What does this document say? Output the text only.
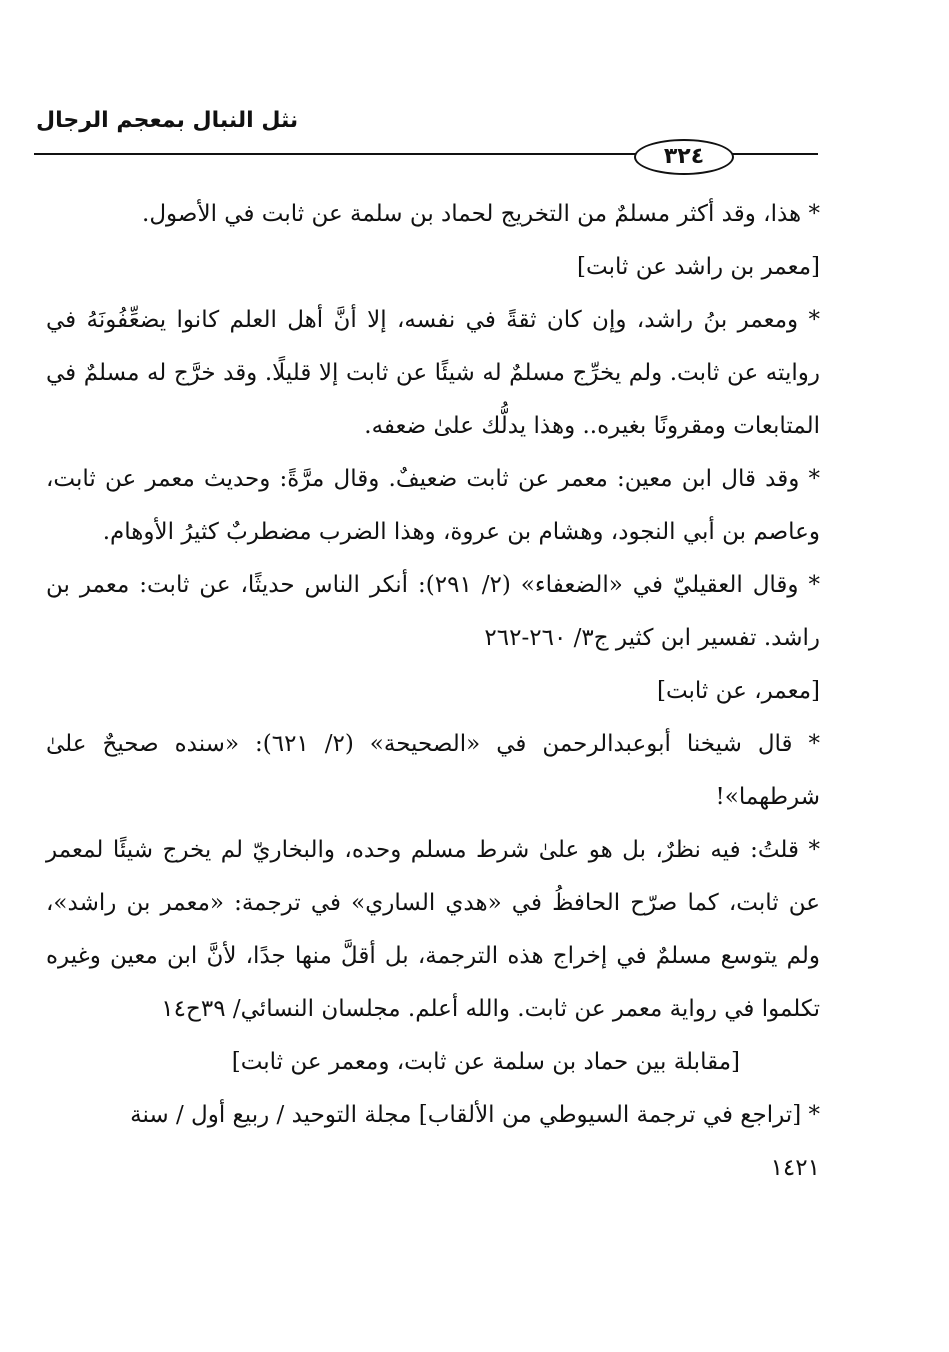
نثل النبال بمعجم الرجال
٣٢٤

* هذا، وقد أكثر مسلمٌ من التخريج لحماد بن سلمة عن ثابت في الأصول.

[معمر بن راشد عن ثابت]

* ومعمر بنُ راشد، وإن كان ثقةً في نفسه، إلا أنَّ أهل العلم كانوا يضعِّفُونَهُ في روايته عن ثابت. ولم يخرِّج مسلمٌ له شيئًا عن ثابت إلا قليلًا. وقد خرَّج له مسلمٌ في المتابعات ومقرونًا بغيره.. وهذا يدلُّك علىٰ ضعفه.

* وقد قال ابن معين: معمر عن ثابت ضعيفٌ. وقال مرَّةً: وحديث معمر عن ثابت، وعاصم بن أبي النجود، وهشام بن عروة، وهذا الضرب مضطربٌ كثيرُ الأوهام.

* وقال العقيليّ في «الضعفاء» (٢/ ٢٩١): أنكر الناس حديثًا، عن ثابت: معمر بن راشد. تفسير ابن كثير ج٣/ ٢٦٠-٢٦٢

[معمر، عن ثابت]

* قال شيخنا أبوعبدالرحمن في «الصحيحة» (٢/ ٦٢١): «سنده صحيحٌ علىٰ شرطهما»!

* قلتُ: فيه نظرٌ، بل هو علىٰ شرط مسلم وحده، والبخاريّ لم يخرج شيئًا لمعمر عن ثابت، كما صرّح الحافظُ في «هدي الساري» في ترجمة: «معمر بن راشد»، ولم يتوسع مسلمٌ في إخراج هذه الترجمة، بل أقلَّ منها جدًا، لأنَّ ابن معين وغيره تكلموا في رواية معمر عن ثابت. والله أعلم. مجلسان النسائي/ ٣٩ح١٤

[مقابلة بين حماد بن سلمة عن ثابت، ومعمر عن ثابت]

* [تراجع في ترجمة السيوطي من الألقاب] مجلة التوحيد / ربيع أول / سنة

١٤٢١
